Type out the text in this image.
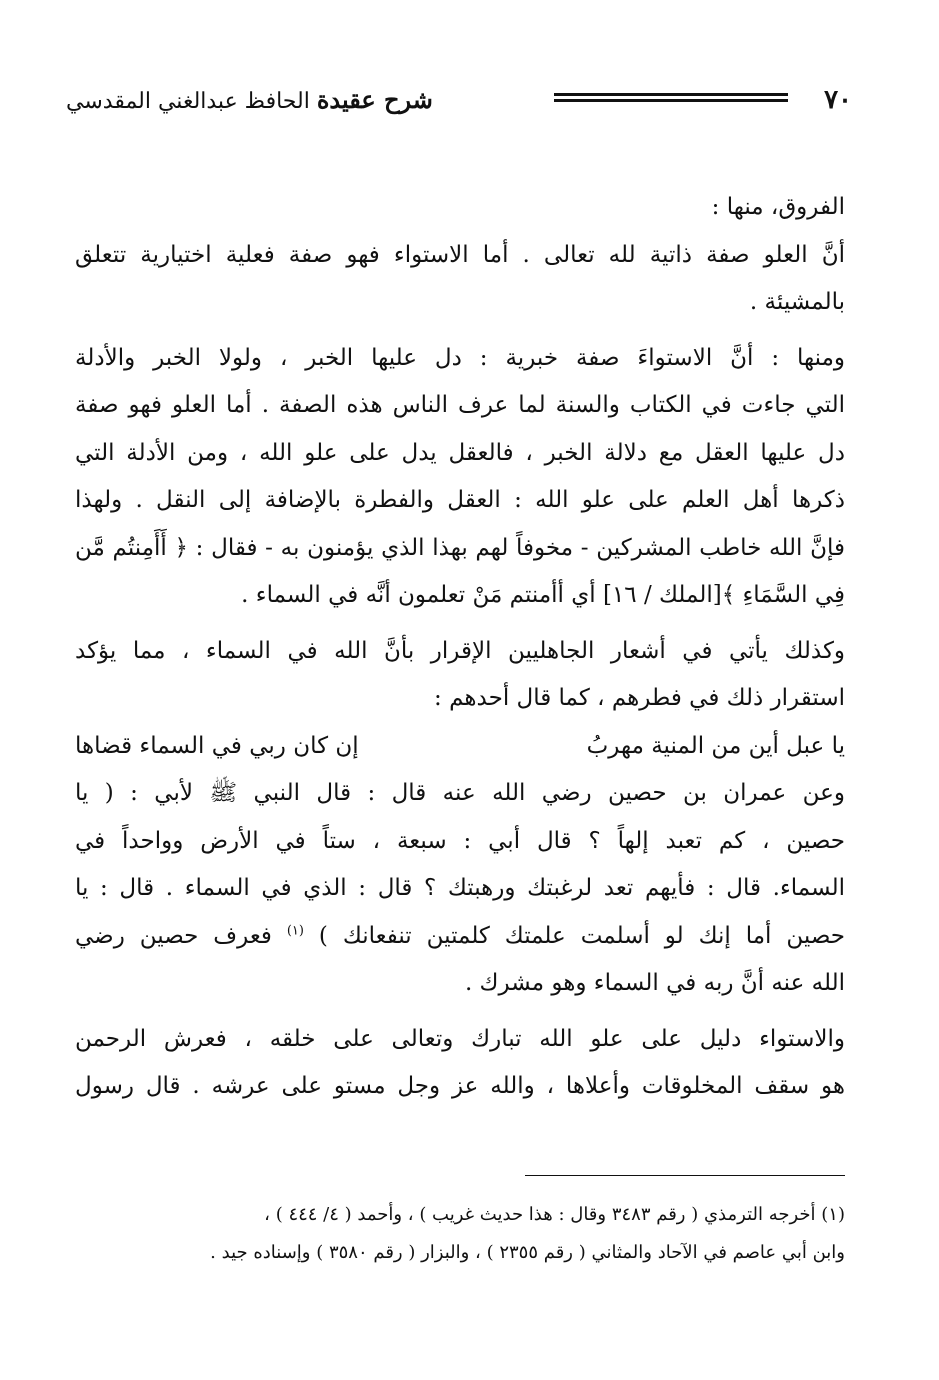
٧٠
شرح عقيدة الحافظ عبدالغني المقدسي
الفروق، منها :
أنَّ العلو صفة ذاتية لله تعالى . أما الاستواء فهو صفة فعلية اختيارية تتعلق
بالمشيئة .
ومنها : أنَّ الاستواءَ صفة خبرية : دل عليها الخبر ، ولولا الخبر والأدلة
التي جاءت في الكتاب والسنة لما عرف الناس هذه الصفة . أما العلو فهو صفة
دل عليها العقل مع دلالة الخبر ، فالعقل يدل على علو الله ، ومن الأدلة التي
ذكرها أهل العلم على علو الله : العقل والفطرة بالإضافة إلى النقل . ولهذا
فإنَّ الله خاطب المشركين - مخوفاً لهم بهذا الذي يؤمنون به - فقال : ﴿ أَأَمِنتُم مَّن
فِي السَّمَاءِ ﴾[الملك / ١٦] أي أأمنتم مَنْ تعلمون أنَّه في السماء .
وكذلك يأتي في أشعار الجاهليين الإقرار بأنَّ الله في السماء ، مما يؤكد
استقرار ذلك في فطرهم ، كما قال أحدهم :
يا عبل أين من المنية مهربُ
إن كان ربي في السماء قضاها
وعن عمران بن حصين رضي الله عنه قال : قال النبي ﷺ لأبي : ( يا
حصين ، كم تعبد إلهاً ؟ قال أبي : سبعة ، ستاً في الأرض وواحداً في
السماء. قال : فأيهم تعد لرغبتك ورهبتك ؟ قال : الذي في السماء . قال : يا
حصين أما إنك لو أسلمت علمتك كلمتين تنفعانك ) $^{(١)}$ فعرف حصين رضي
الله عنه أنَّ ربه في السماء وهو مشرك .
والاستواء دليل على علو الله تبارك وتعالى على خلقه ، فعرش الرحمن
هو سقف المخلوقات وأعلاها ، والله عز وجل مستو على عرشه . قال رسول
(١) أخرجه الترمذي ( رقم ٣٤٨٣ وقال : هذا حديث غريب ) ، وأحمد ( ٤/ ٤٤٤ ) ،
وابن أبي عاصم في الآحاد والمثاني ( رقم ٢٣٥٥ ) ، والبزار ( رقم ٣٥٨٠ ) وإسناده جيد .
